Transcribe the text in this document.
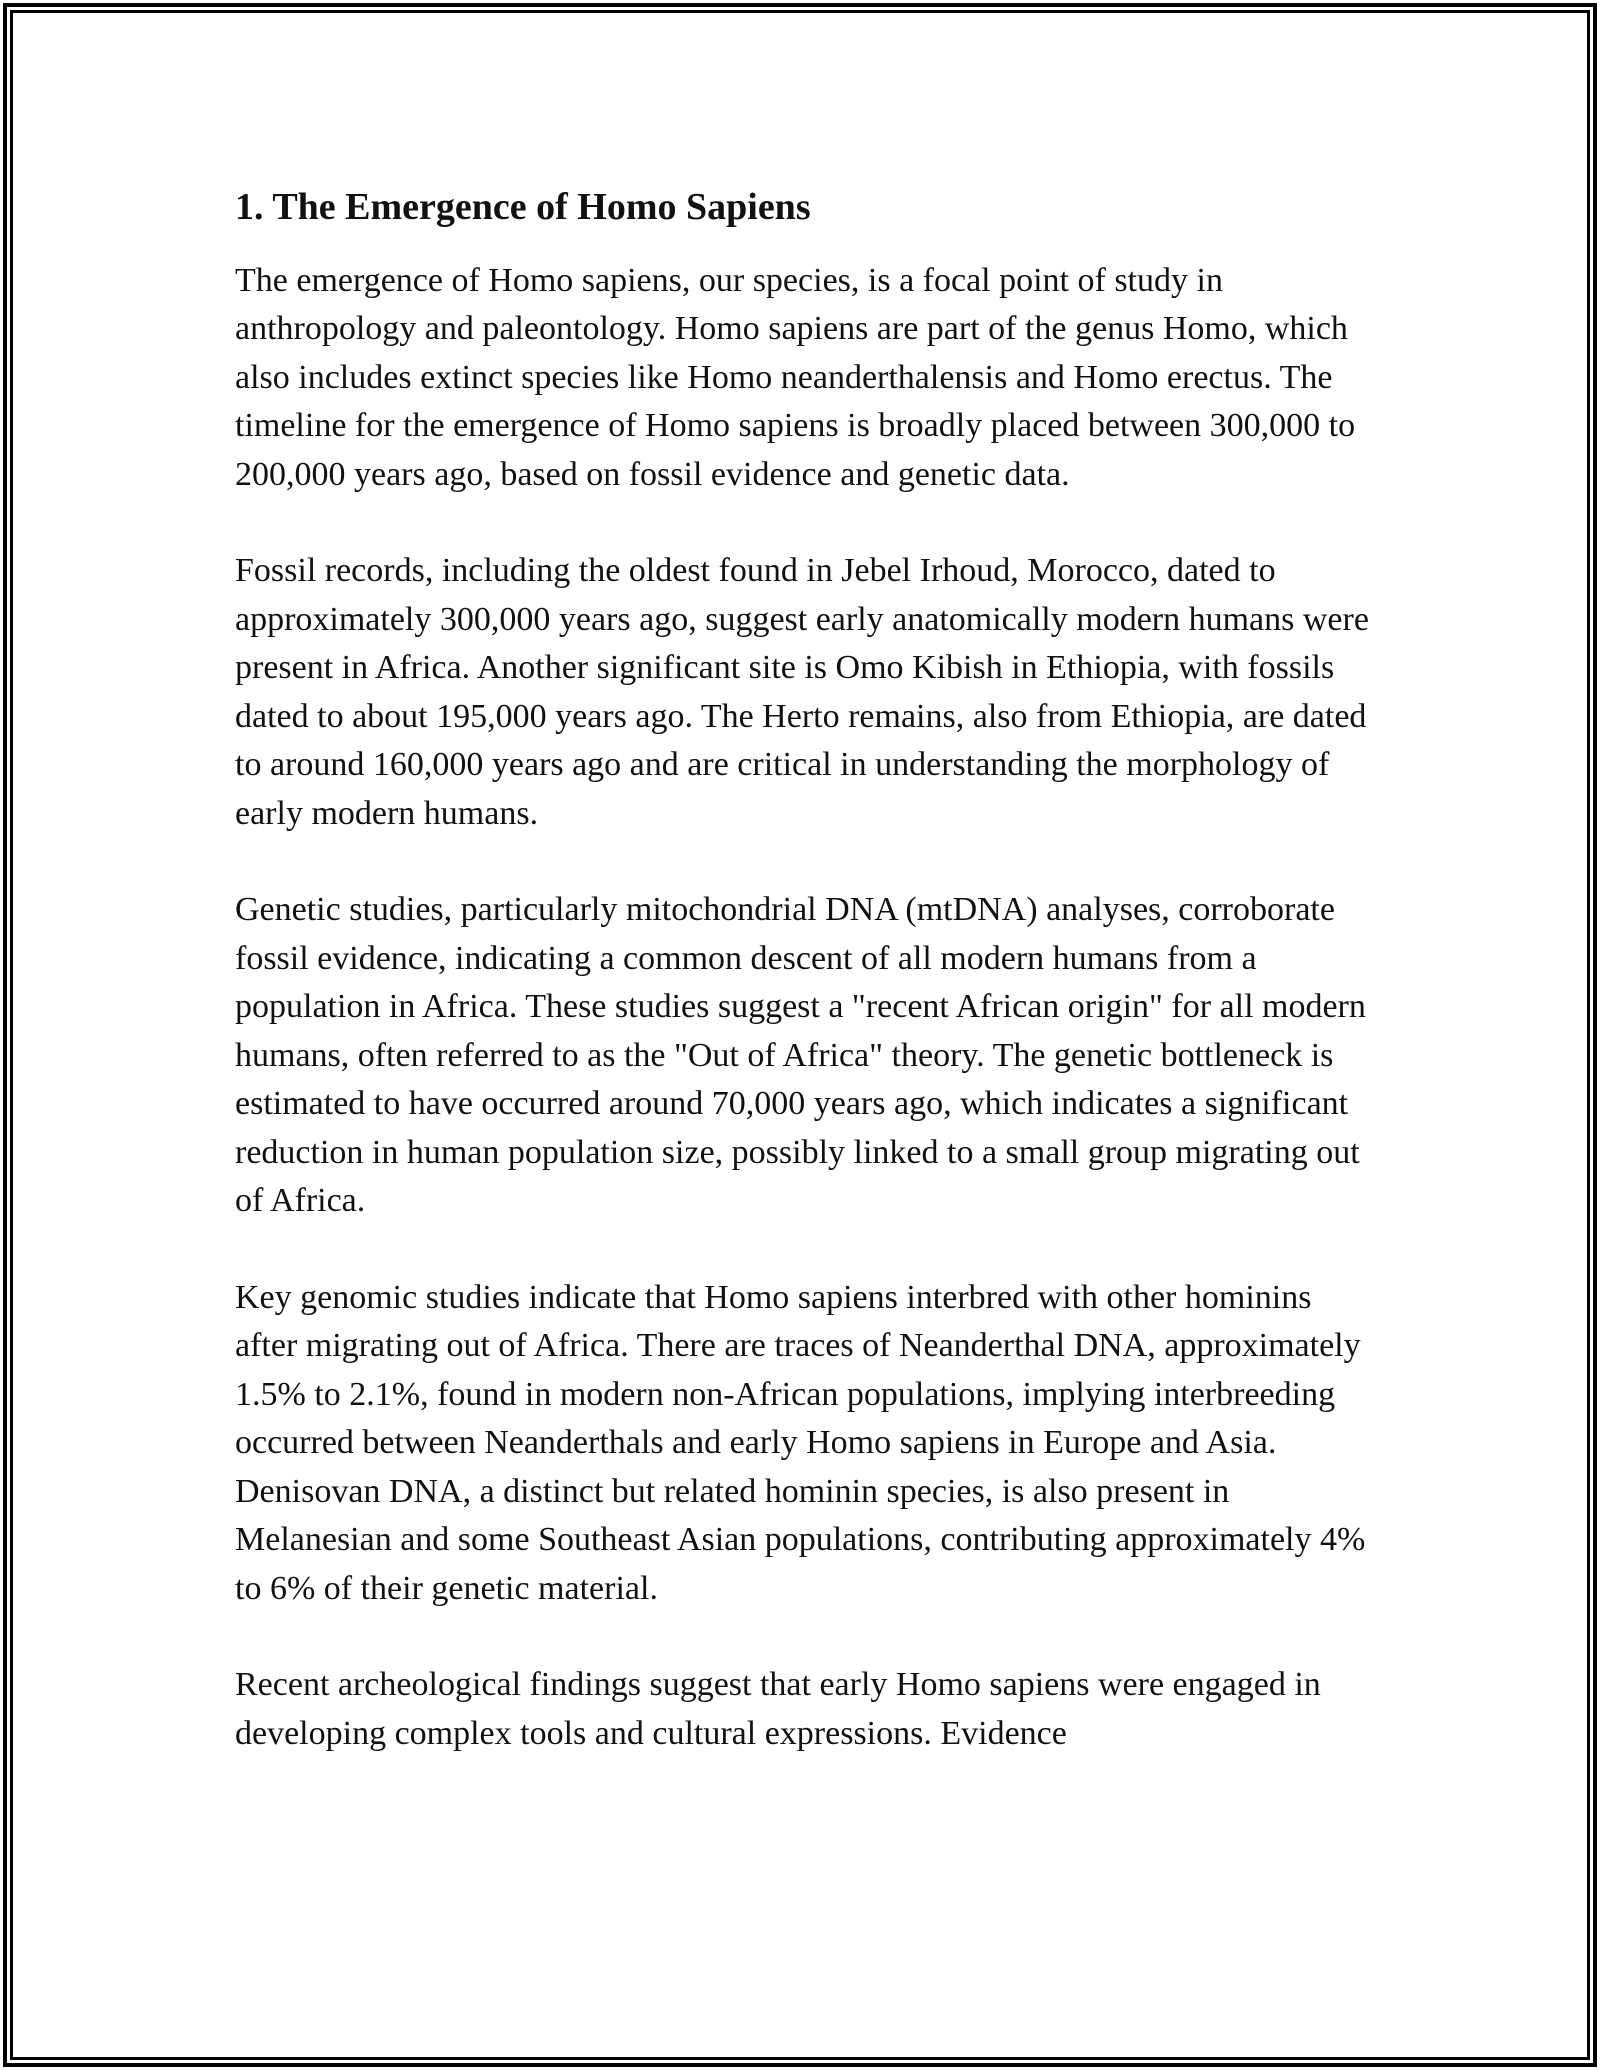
1. The Emergence of Homo Sapiens

The emergence of Homo sapiens, our species, is a focal point of study in anthropology and paleontology. Homo sapiens are part of the genus Homo, which also includes extinct species like Homo neanderthalensis and Homo erectus. The timeline for the emergence of Homo sapiens is broadly placed between 300,000 to 200,000 years ago, based on fossil evidence and genetic data.

Fossil records, including the oldest found in Jebel Irhoud, Morocco, dated to approximately 300,000 years ago, suggest early anatomically modern humans were present in Africa. Another significant site is Omo Kibish in Ethiopia, with fossils dated to about 195,000 years ago. The Herto remains, also from Ethiopia, are dated to around 160,000 years ago and are critical in understanding the morphology of early modern humans.

Genetic studies, particularly mitochondrial DNA (mtDNA) analyses, corroborate fossil evidence, indicating a common descent of all modern humans from a population in Africa. These studies suggest a "recent African origin" for all modern humans, often referred to as the "Out of Africa" theory. The genetic bottleneck is estimated to have occurred around 70,000 years ago, which indicates a significant reduction in human population size, possibly linked to a small group migrating out of Africa.

Key genomic studies indicate that Homo sapiens interbred with other hominins after migrating out of Africa. There are traces of Neanderthal DNA, approximately 1.5% to 2.1%, found in modern non-African populations, implying interbreeding occurred between Neanderthals and early Homo sapiens in Europe and Asia. Denisovan DNA, a distinct but related hominin species, is also present in Melanesian and some Southeast Asian populations, contributing approximately 4% to 6% of their genetic material.

Recent archeological findings suggest that early Homo sapiens were engaged in developing complex tools and cultural expressions. Evidence
